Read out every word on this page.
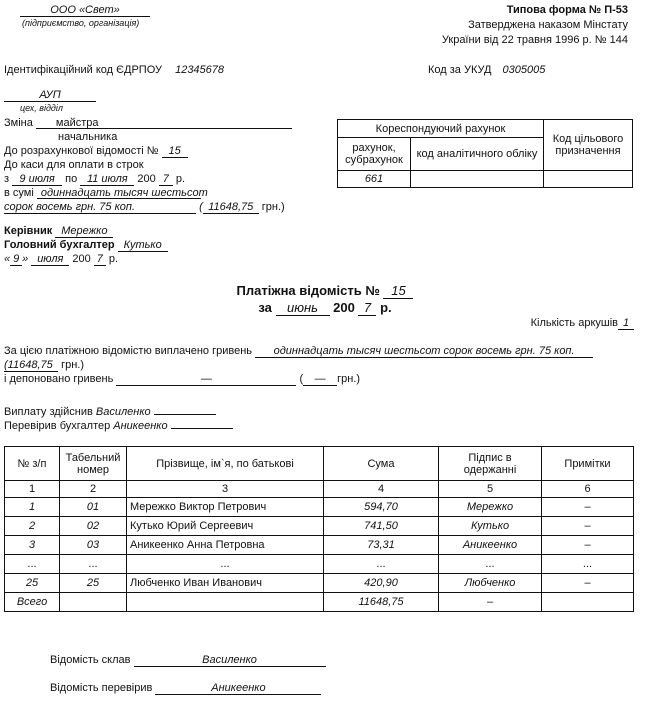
ООО «Свет»
(підприємство, організація)
Типова форма № П-53
Затверджена наказом Мінстату
України від 22 травня 1996 р. № 144
Ідентифікаційний код ЄДРПОУ 12345678	Код за УКУД 0305005
АУП
цех, відділ
Зміна майстра
начальника
До розрахункової відомості № 15
До каси для оплати в строк
з 9 июля по 11 июля 200 7 р.
в сумі одиннадцать тысяч шестьсот
сорок восемь грн. 75 коп.	( 11648,75 грн.)
Керівник Мережко
Головний бухгалтер Кутько
« 9 » июля 200 7 р.
Кореспондуючий рахунок		Код цільового призначення
рахунок, субрахунок	код аналітичного обліку	
661		
Платіжна відомість № 15
за июнь 200 7 р.
Кількість аркушів 1
За цією платіжною відомістю виплачено гривень одиннадцать тысяч шестьсот сорок восемь грн. 75 коп.
(11648,75 грн.)
і депоновано гривень	—	( — грн.)
Виплату здійснив Василенко
Перевірив бухгалтер Аникеенко
№ з/п	Табельний номер	Прізвище, ім`я, по батькові	Сума	Підпис в одержанні	Примітки
1	2	3	4	5	6
1	01	Мережко Виктор Петрович	594,70	Мережко	–
2	02	Кутько Юрий Сергеевич	741,50	Кутько	–
3	03	Аникеенко Анна Петровна	73,31	Аникеенко	–
...	...	...	...	...	...
25	25	Любченко Иван Иванович	420,90	Любченко	–
Всего			11648,75	–	
Відомість склав	Василенко
Відомість перевірив	Аникеенко
